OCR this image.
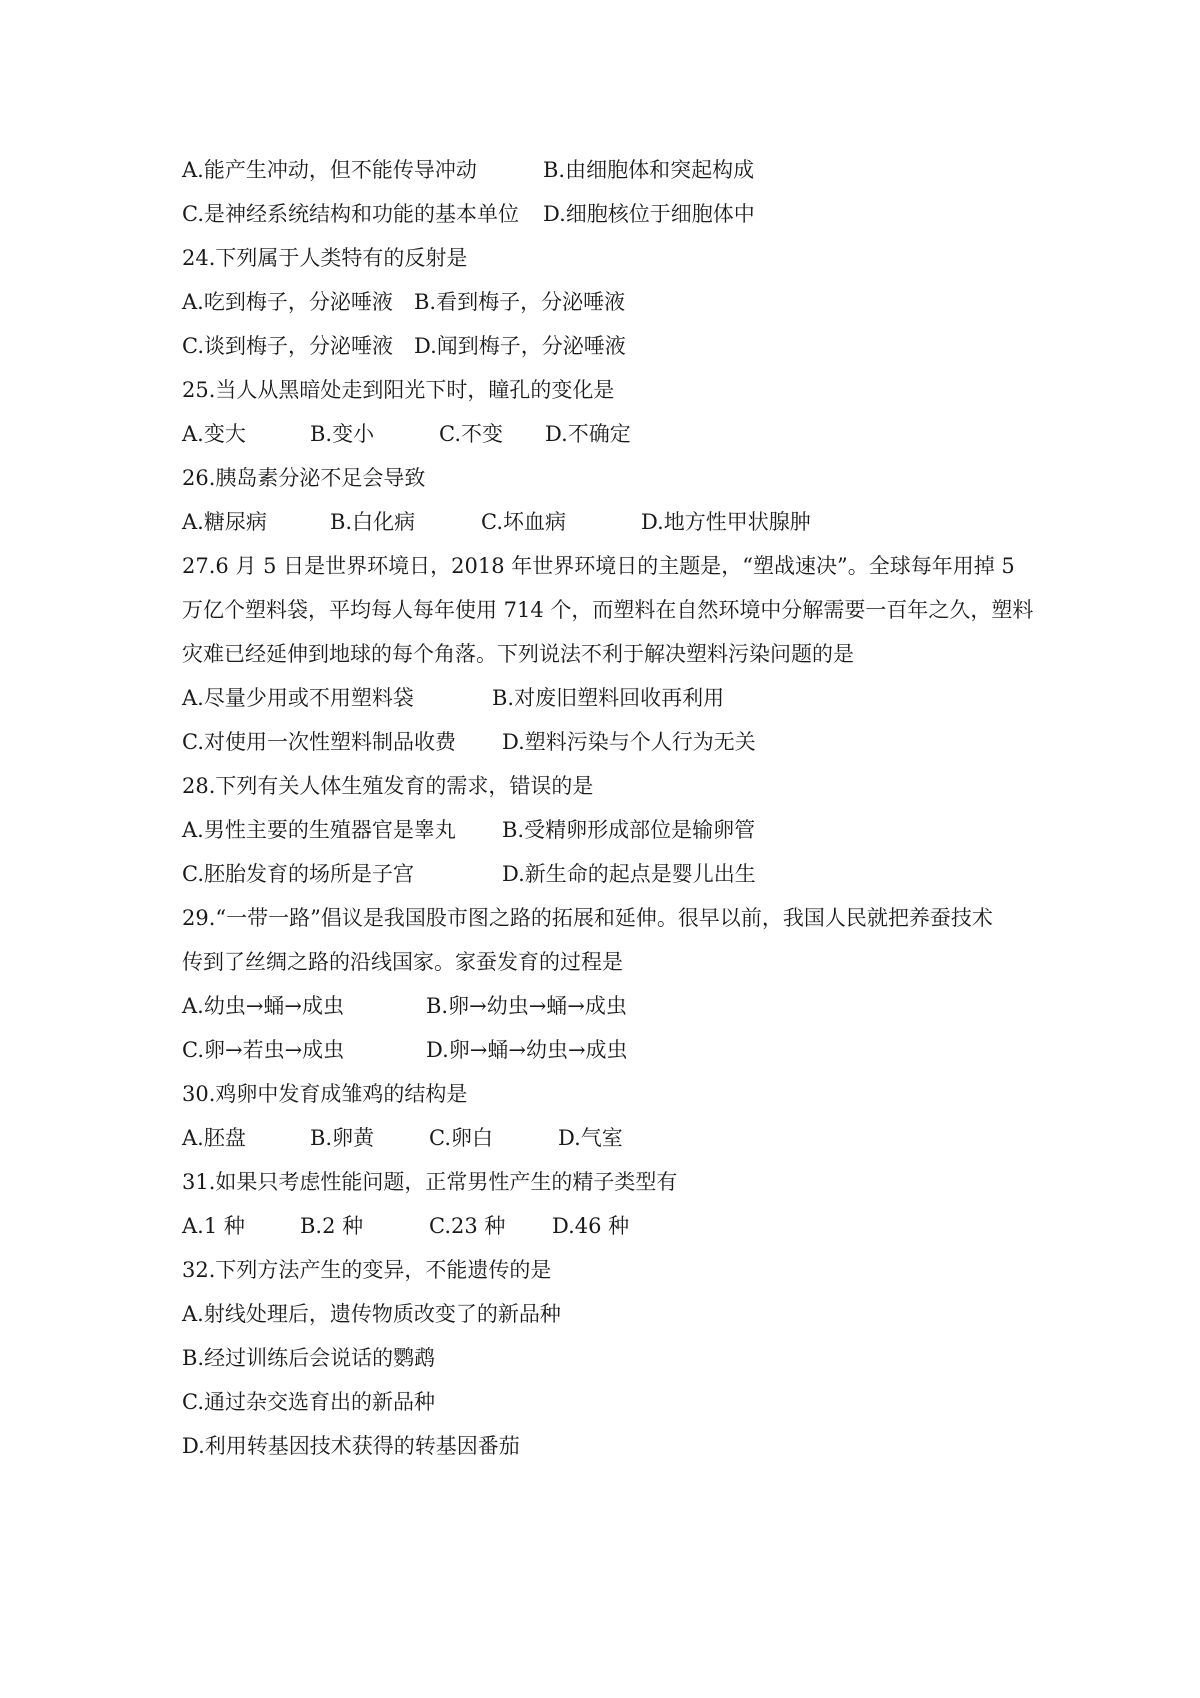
A.能产生冲动，但不能传导冲动	B.由细胞体和突起构成
C.是神经系统结构和功能的基本单位 D.细胞核位于细胞体中
24.下列属于人类特有的反射是
A.吃到梅子，分泌唾液 B.看到梅子，分泌唾液
C.谈到梅子，分泌唾液 D.闻到梅子，分泌唾液
25.当人从黑暗处走到阳光下时，瞳孔的变化是
A.变大	B.变小	C.不变 D.不确定
26.胰岛素分泌不足会导致
A.糖尿病	B.白化病	C.坏血病	D.地方性甲状腺肿
27.6 月 5 日是世界环境日，2018 年世界环境日的主题是，“塑战速决”。全球每年用掉 5
万亿个塑料袋，平均每人每年使用 714 个，而塑料在自然环境中分解需要一百年之久，塑料
灾难已经延伸到地球的每个角落。下列说法不利于解决塑料污染问题的是
A.尽量少用或不用塑料袋	B.对废旧塑料回收再利用
C.对使用一次性塑料制品收费 D.塑料污染与个人行为无关
28.下列有关人体生殖发育的需求，错误的是
A.男性主要的生殖器官是睾丸 B.受精卵形成部位是输卵管
C.胚胎发育的场所是子宫	D.新生命的起点是婴儿出生
29.“一带一路”倡议是我国股市图之路的拓展和延伸。很早以前，我国人民就把养蚕技术
传到了丝绸之路的沿线国家。家蚕发育的过程是
A.幼虫→蛹→成虫	B.卵→幼虫→蛹→成虫
C.卵→若虫→成虫	D.卵→蛹→幼虫→成虫
30.鸡卵中发育成雏鸡的结构是
A.胚盘	B.卵黄	C.卵白	D.气室
31.如果只考虑性能问题，正常男性产生的精子类型有
A.1 种	B.2 种	C.23 种 D.46 种
32.下列方法产生的变异，不能遗传的是
A.射线处理后，遗传物质改变了的新品种
B.经过训练后会说话的鹦鹉
C.通过杂交选育出的新品种
D.利用转基因技术获得的转基因番茄
